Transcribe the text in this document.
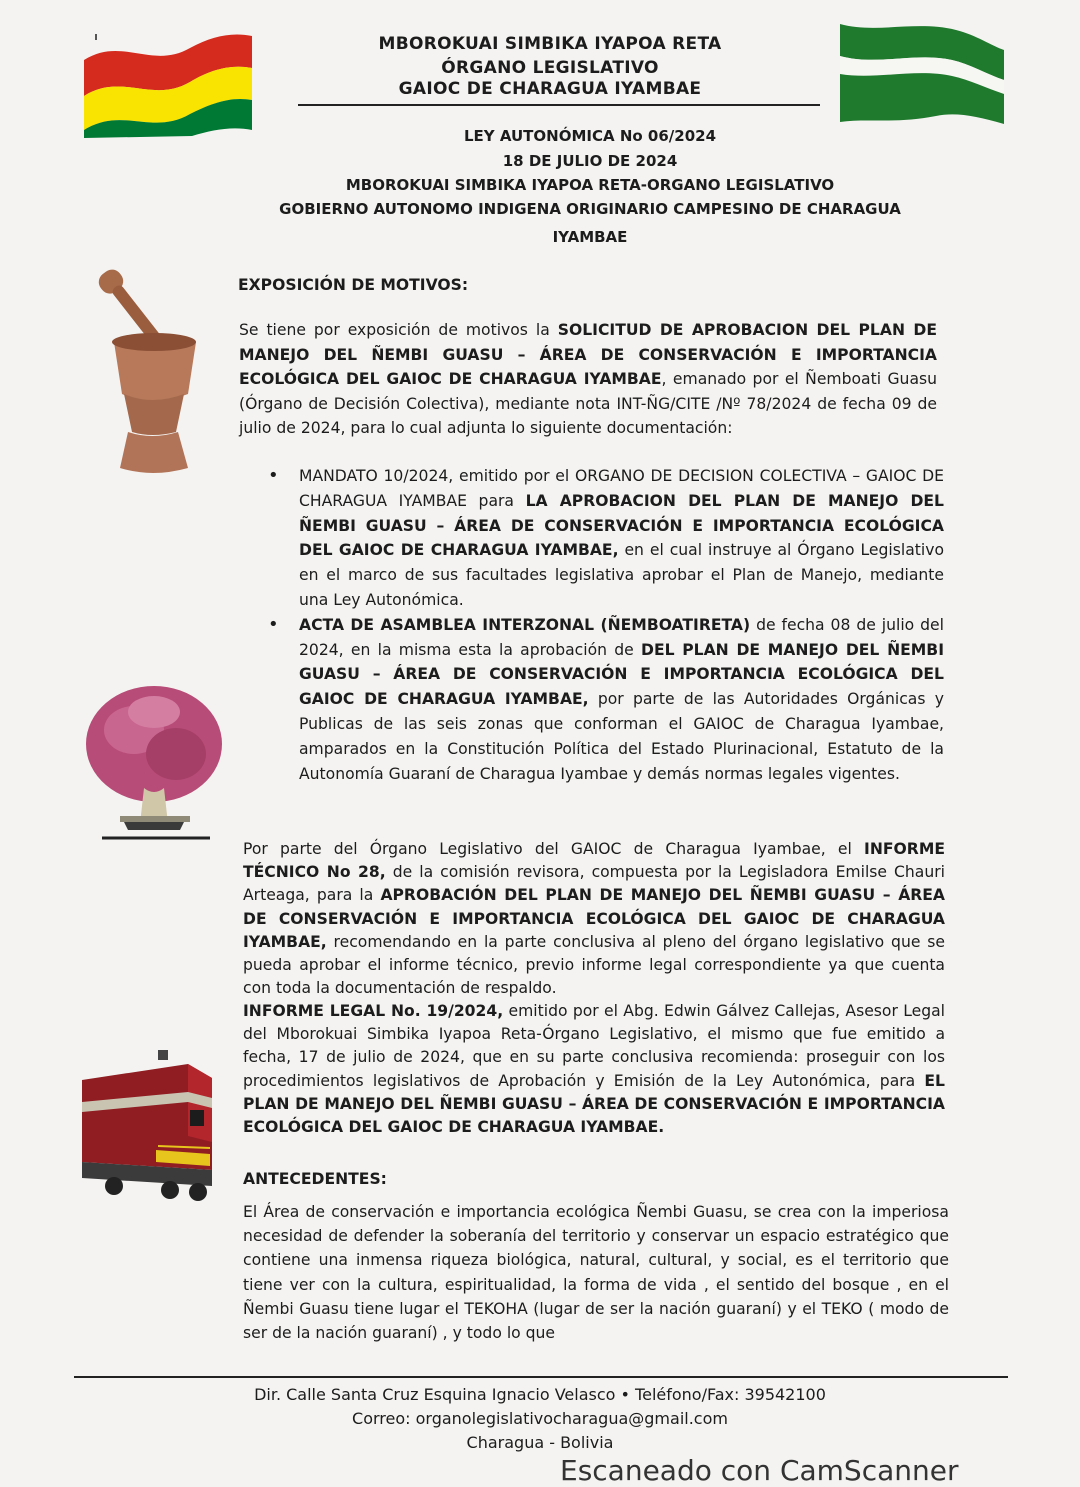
MBOROKUAI SIMBIKA IYAPOA RETA
ÓRGANO LEGISLATIVO
GAIOC DE CHARAGUA IYAMBAE
LEY AUTONÓMICA No 06/2024
18 DE JULIO DE 2024
MBOROKUAI SIMBIKA IYAPOA RETA-ORGANO LEGISLATIVO
GOBIERNO AUTONOMO INDIGENA ORIGINARIO CAMPESINO DE CHARAGUA
IYAMBAE

EXPOSICIÓN DE MOTIVOS:

Se tiene por exposición de motivos la SOLICITUD DE APROBACION DEL PLAN DE MANEJO DEL ÑEMBI GUASU – ÁREA DE CONSERVACIÓN E IMPORTANCIA ECOLÓGICA DEL GAIOC DE CHARAGUA IYAMBAE, emanado por el Ñemboati Guasu (Órgano de Decisión Colectiva), mediante nota INT-ÑG/CITE /Nº 78/2024 de fecha 09 de julio de 2024, para lo cual adjunta lo siguiente documentación:

• MANDATO 10/2024, emitido por el ORGANO DE DECISION COLECTIVA – GAIOC DE CHARAGUA IYAMBAE para LA APROBACION DEL PLAN DE MANEJO DEL ÑEMBI GUASU – ÁREA DE CONSERVACIÓN E IMPORTANCIA ECOLÓGICA DEL GAIOC DE CHARAGUA IYAMBAE, en el cual instruye al Órgano Legislativo en el marco de sus facultades legislativa aprobar el Plan de Manejo, mediante una Ley Autonómica.
• ACTA DE ASAMBLEA INTERZONAL (ÑEMBOATIRETA) de fecha 08 de julio del 2024, en la misma esta la aprobación de DEL PLAN DE MANEJO DEL ÑEMBI GUASU – ÁREA DE CONSERVACIÓN E IMPORTANCIA ECOLÓGICA DEL GAIOC DE CHARAGUA IYAMBAE, por parte de las Autoridades Orgánicas y Publicas de las seis zonas que conforman el GAIOC de Charagua Iyambae, amparados en la Constitución Política del Estado Plurinacional, Estatuto de la Autonomía Guaraní de Charagua Iyambae y demás normas legales vigentes.

Por parte del Órgano Legislativo del GAIOC de Charagua Iyambae, el INFORME TÉCNICO No 28, de la comisión revisora, compuesta por la Legisladora Emilse Chauri Arteaga, para la APROBACIÓN DEL PLAN DE MANEJO DEL ÑEMBI GUASU – ÁREA DE CONSERVACIÓN E IMPORTANCIA ECOLÓGICA DEL GAIOC DE CHARAGUA IYAMBAE, recomendando en la parte conclusiva al pleno del órgano legislativo que se pueda aprobar el informe técnico, previo informe legal correspondiente ya que cuenta con toda la documentación de respaldo.

INFORME LEGAL No. 19/2024, emitido por el Abg. Edwin Gálvez Callejas, Asesor Legal del Mborokuai Simbika Iyapoa Reta-Órgano Legislativo, el mismo que fue emitido a fecha, 17 de julio de 2024, que en su parte conclusiva recomienda: proseguir con los procedimientos legislativos de Aprobación y Emisión de la Ley Autonómica, para EL PLAN DE MANEJO DEL ÑEMBI GUASU – ÁREA DE CONSERVACIÓN E IMPORTANCIA ECOLÓGICA DEL GAIOC DE CHARAGUA IYAMBAE.

ANTECEDENTES:

El Área de conservación e importancia ecológica Ñembi Guasu, se crea con la imperiosa necesidad de defender la soberanía del territorio y conservar un espacio estratégico que contiene una inmensa riqueza biológica, natural, cultural, y social, es el territorio que tiene ver con la cultura, espiritualidad, la forma de vida , el sentido del bosque , en el Ñembi Guasu tiene lugar el TEKOHA (lugar de ser la nación guaraní) y el TEKO ( modo de ser de la nación guaraní) , y todo lo que

Dir. Calle Santa Cruz Esquina Ignacio Velasco • Teléfono/Fax: 39542100
Correo: organolegislativocharagua@gmail.com
Charagua - Bolivia
Escaneado con CamScanner
